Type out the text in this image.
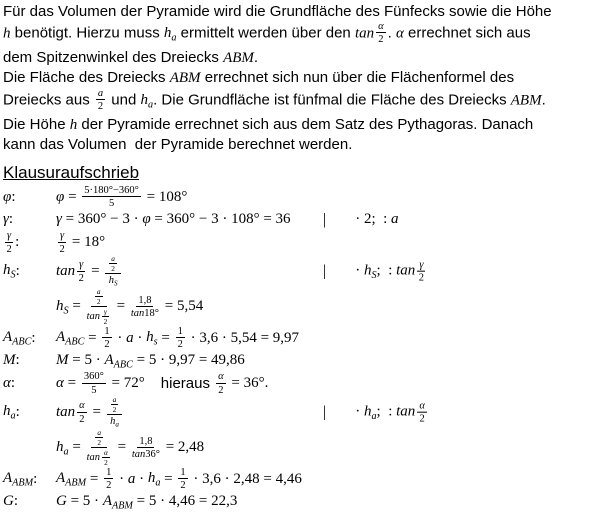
Für das Volumen der Pyramide wird die Grundfläche des Fünfecks sowie die Höhe
h benötigt. Hierzu muss $h_a$ ermittelt werden über den $\tan \frac{\alpha}{2}$ . α errechnet sich aus
dem Spitzenwinkel des Dreiecks ABM.
Die Fläche des Dreiecks ABM errechnet sich nun über die Flächenformel des
Dreiecks aus $\frac{a}{2}$ und $h_a$. Die Grundfläche ist fünfmal die Fläche des Dreiecks ABM.
Die Höhe h der Pyramide errechnet sich aus dem Satz des Pythagoras. Danach
kann das Volumen  der Pyramide berechnet werden.
Klausuraufschrieb
φ :	$\varphi = \frac{5\cdot 180^\circ-360^\circ}{5} = 108^\circ$
γ :	γ = 360° − 3 · φ = 360° − 3 · 108° = 36 | · 2;  : a
$\frac{\gamma}{2}$ :	$\frac{\gamma}{2} = 18^\circ$
$h_S$ : $\tan \frac{\gamma}{2} = \frac{\frac{a}{2}}{h_S}$	| · $h_S$ ;  : $\tan \frac{\gamma}{2}$
$h_S = \frac{\frac{a}{2}}{\tan \frac{\gamma}{2}} = \frac{1,8}{\tan 18^\circ} = 5,54$
$A_{ABC}$ : $A_{ABC} = \frac{1}{2} \cdot a \cdot h_s = \frac{1}{2} \cdot 3,6 \cdot 5,54 = 9,97$
M : $M = 5 \cdot A_{ABC} = 5 \cdot 9,97 = 49,86$
α :	$\alpha = \frac{360^\circ}{5} = 72^\circ$ hieraus $\frac{\alpha}{2} = 36^\circ$.
$h_a$ : $\tan \frac{\alpha}{2} = \frac{\frac{a}{2}}{h_a}$	| · $h_a$ ;  : $\tan \frac{\alpha}{2}$
$h_a = \frac{\frac{a}{2}}{\tan \frac{\alpha}{2}} = \frac{1,8}{\tan 36^\circ} = 2,48$
$A_{ABM}$ : $A_{ABM} = \frac{1}{2} \cdot a \cdot h_a = \frac{1}{2} \cdot 3,6 \cdot 2,48 = 4,46$
G :	$G = 5 \cdot A_{ABM} = 5 \cdot 4,46 = 22,3$
